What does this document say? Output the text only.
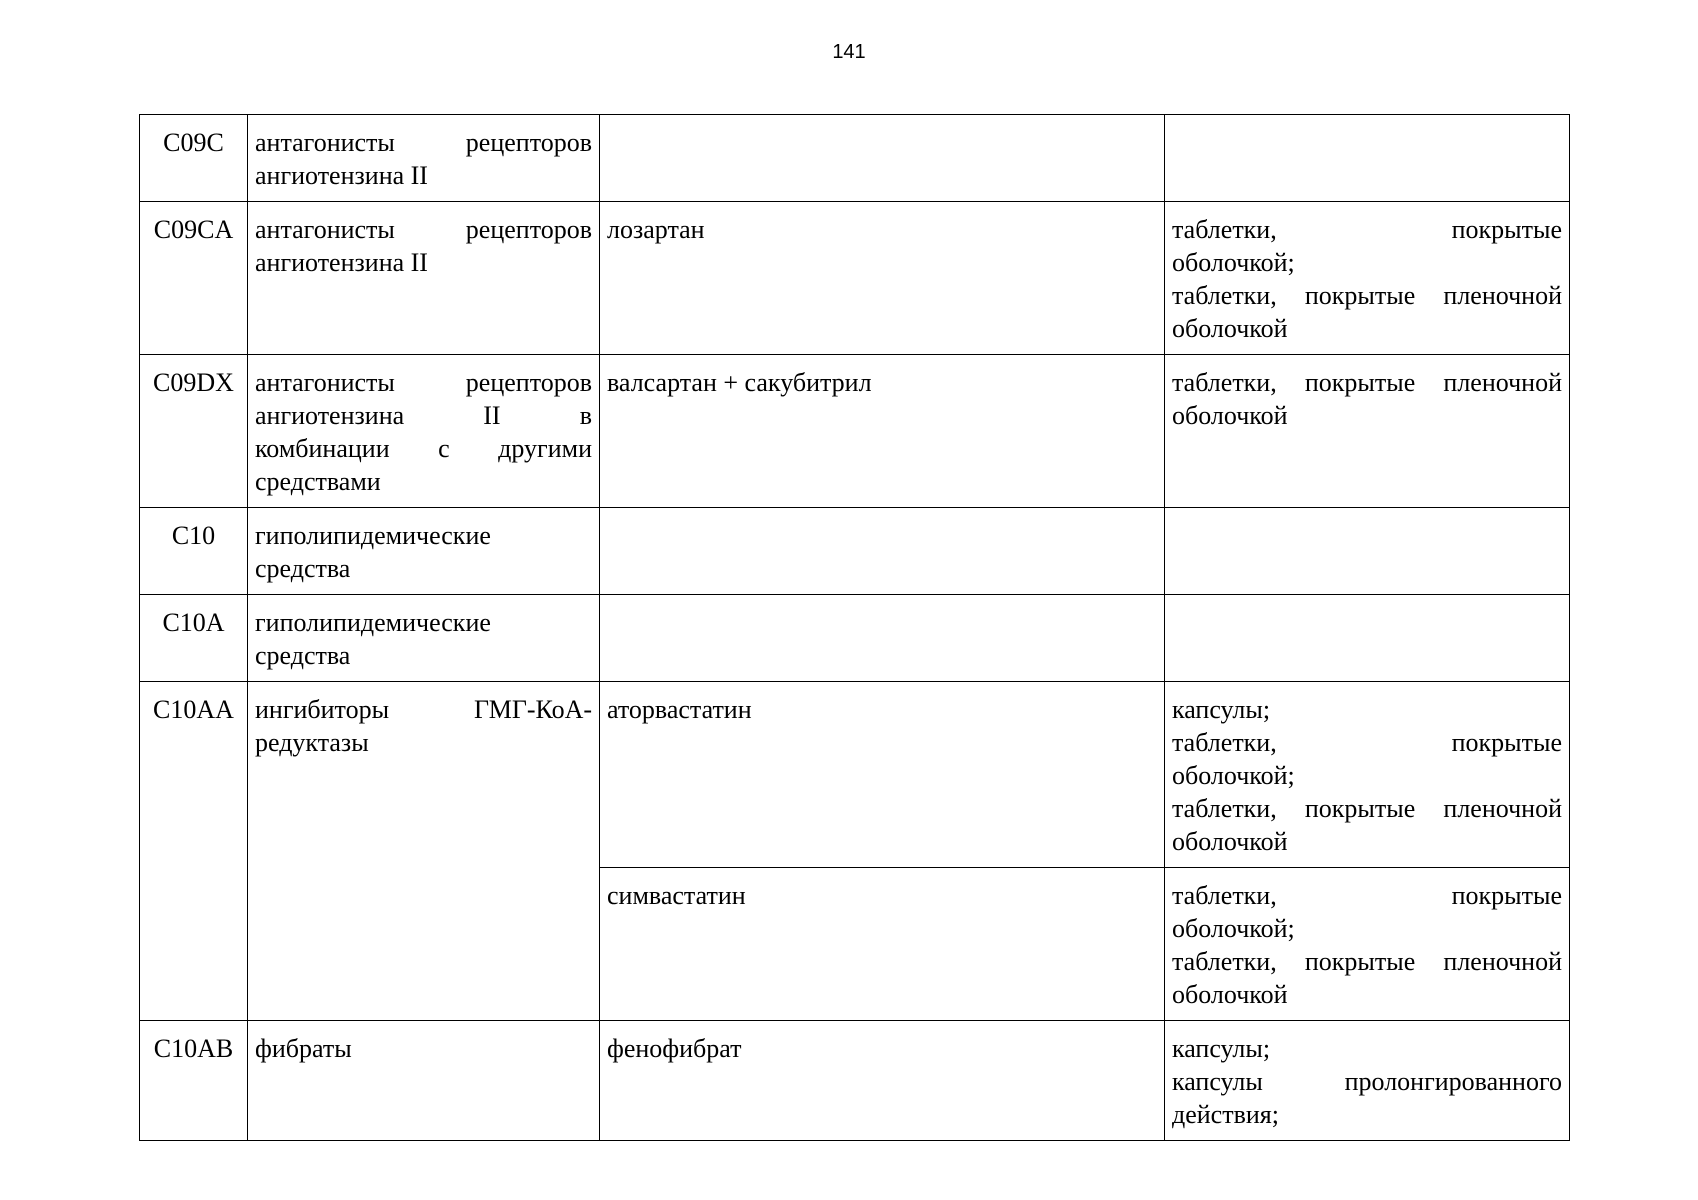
141
C09C	антагонисты рецепторов
ангиотензина II		

C09CA	антагонисты рецепторов
ангиотензина II	лозартан	таблетки, покрытые
оболочкой;
таблетки, покрытые пленочной
оболочкой

C09DX	антагонисты рецепторов
ангиотензина II в
комбинации с другими
средствами	валсартан + сакубитрил	таблетки, покрытые пленочной
оболочкой

C10	гиполипидемические
средства		

C10A	гиполипидемические
средства		

C10AA	ингибиторы ГМГ-КоА-
редуктазы	аторвастатин	капсулы;
таблетки, покрытые
оболочкой;
таблетки, покрытые пленочной
оболочкой

		симвастатин	таблетки, покрытые
оболочкой;
таблетки, покрытые пленочной
оболочкой

C10AB	фибраты	фенофибрат	капсулы;
капсулы пролонгированного
действия;
